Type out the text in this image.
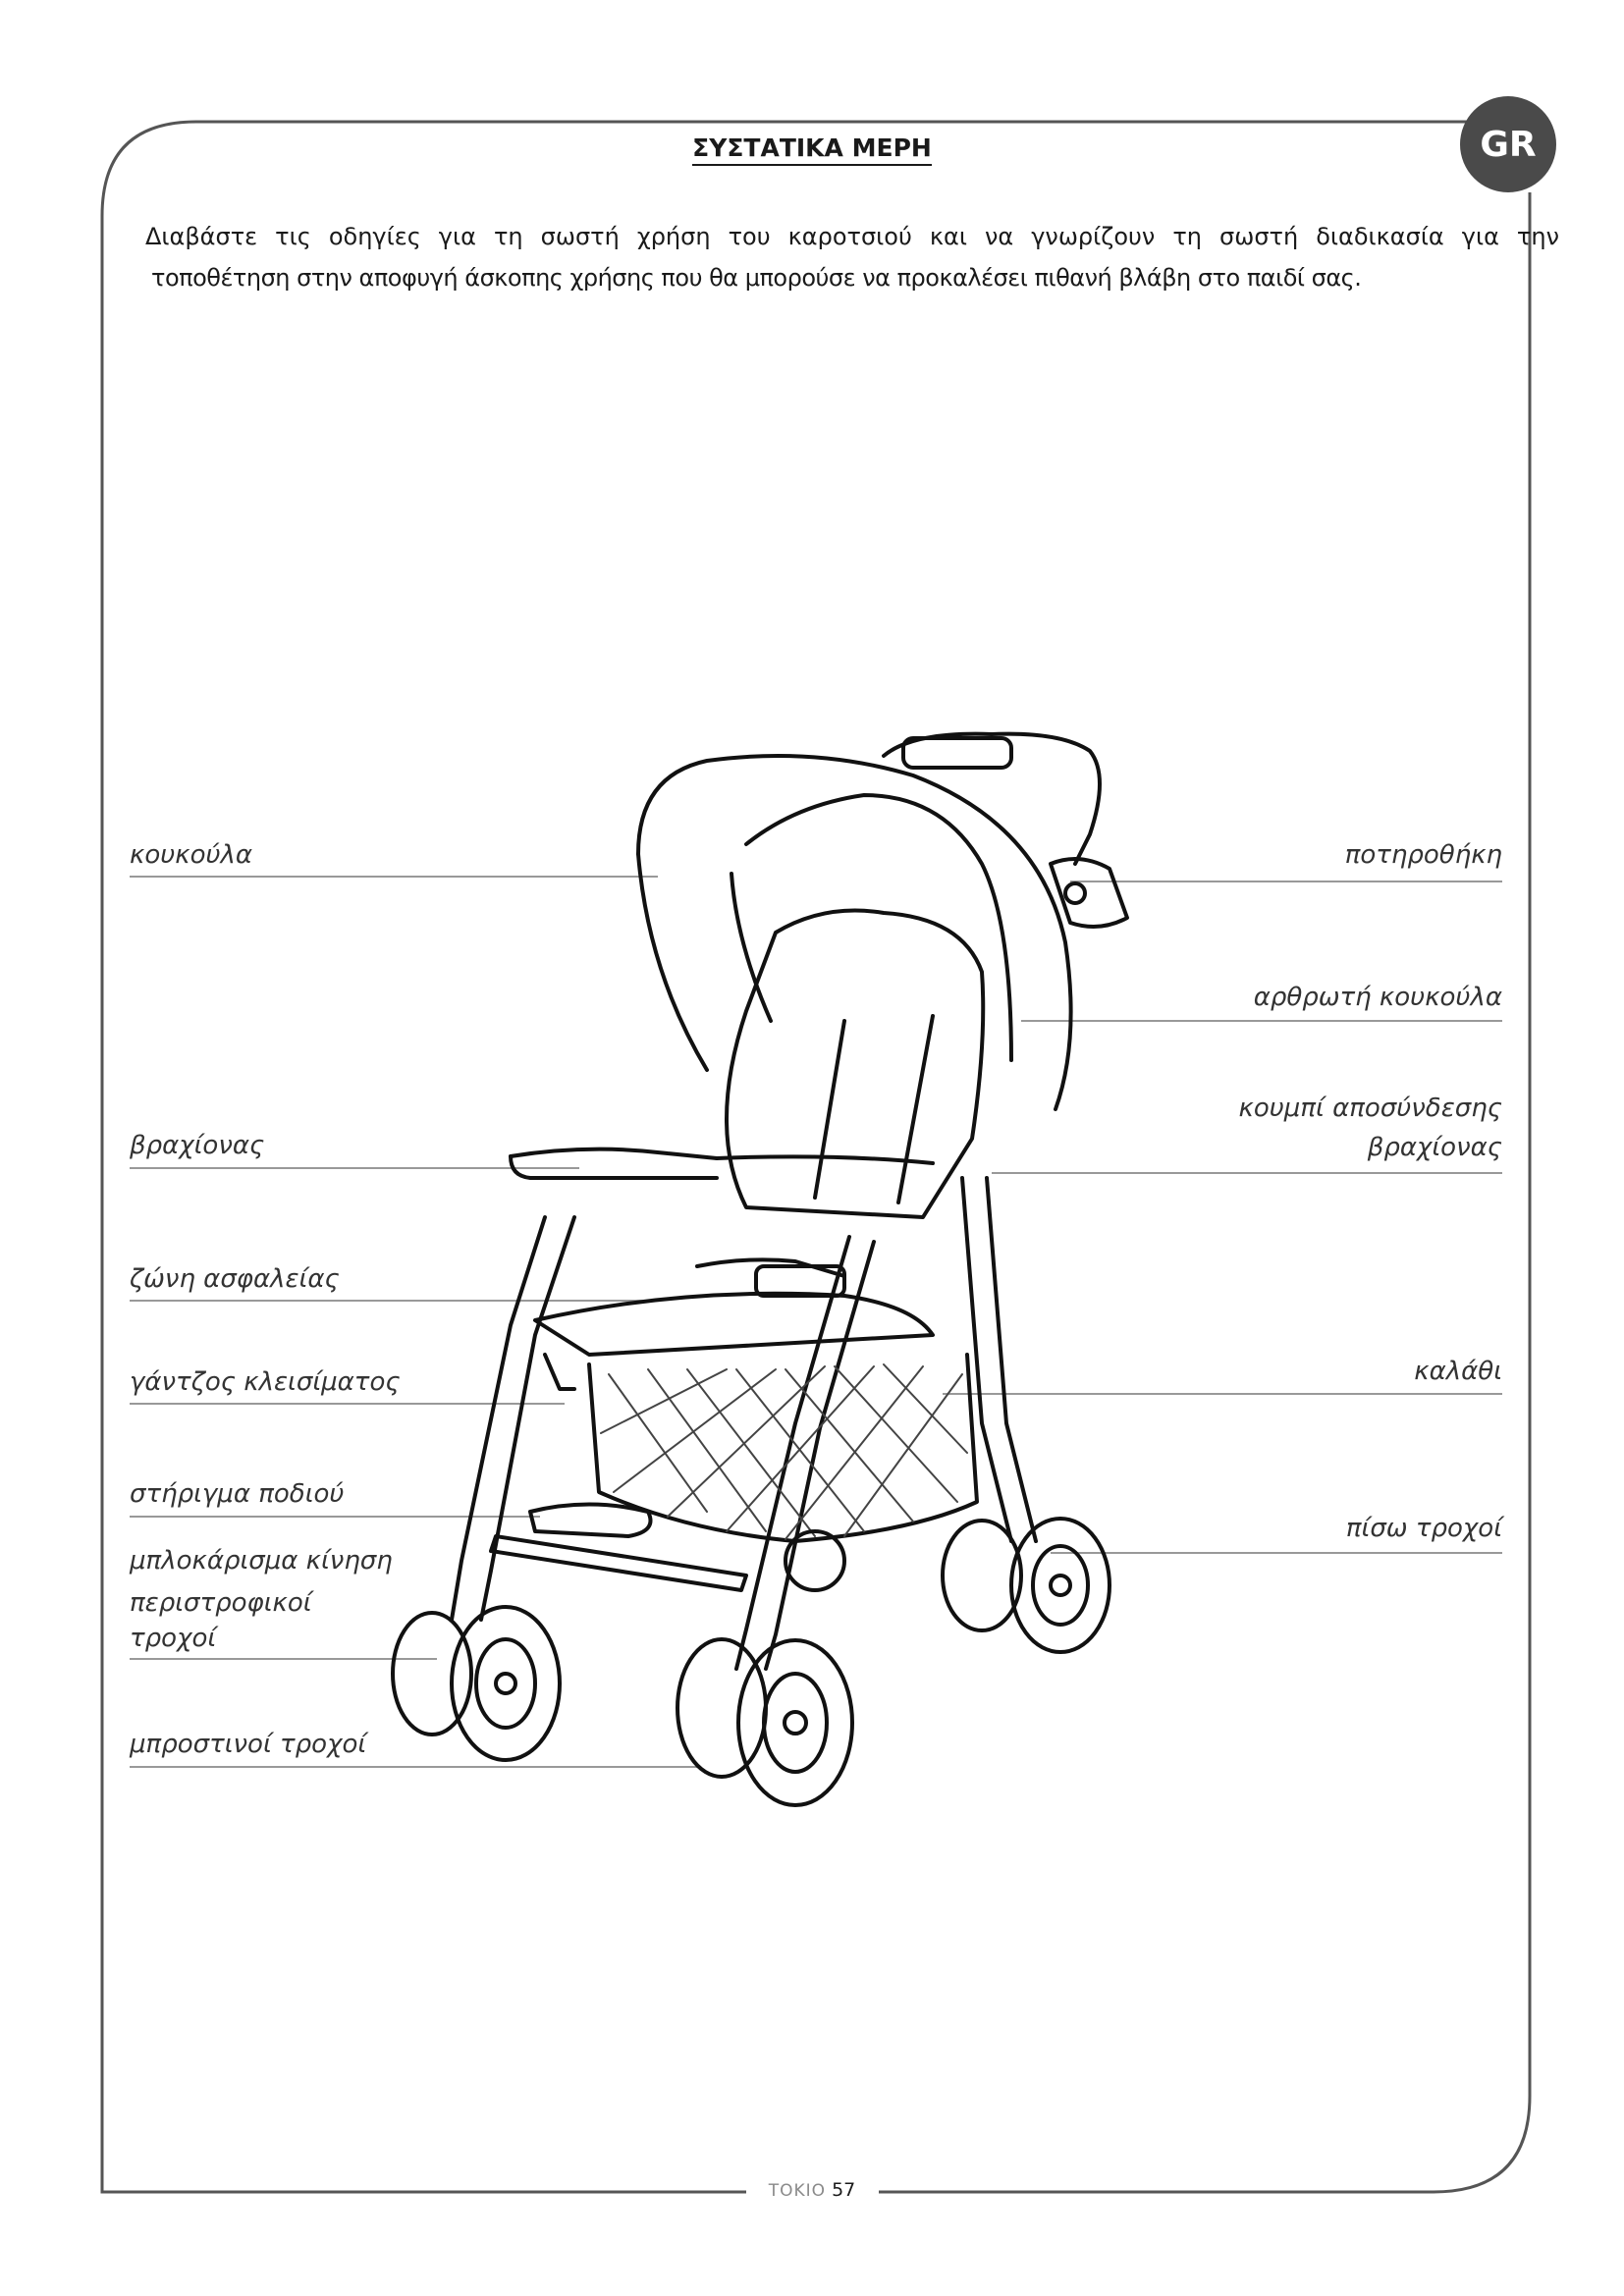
GR
ΣΥΣΤΑΤΙΚΑ ΜΕΡΗ

Διαβάστε τις οδηγίες για τη σωστή χρήση του καροτσιού και να γνωρίζουν τη σωστή διαδικασία για την

τοποθέτηση στην αποφυγή άσκοπης χρήσης που θα μπορούσε να προκαλέσει πιθανή βλάβη στο παιδί σας.

κουκούλα
βραχίονας
ζώνη ασφαλείας
γάντζος κλεισίματος
στήριγμα ποδιού
μπλοκάρισμα κίνηση
περιστροφικοί
τροχοί
μπροστινοί τροχοί
ποτηροθήκη
αρθρωτή κουκούλα
κουμπί αποσύνδεσης
βραχίονας
καλάθι
πίσω τροχοί
TOKIO 57
